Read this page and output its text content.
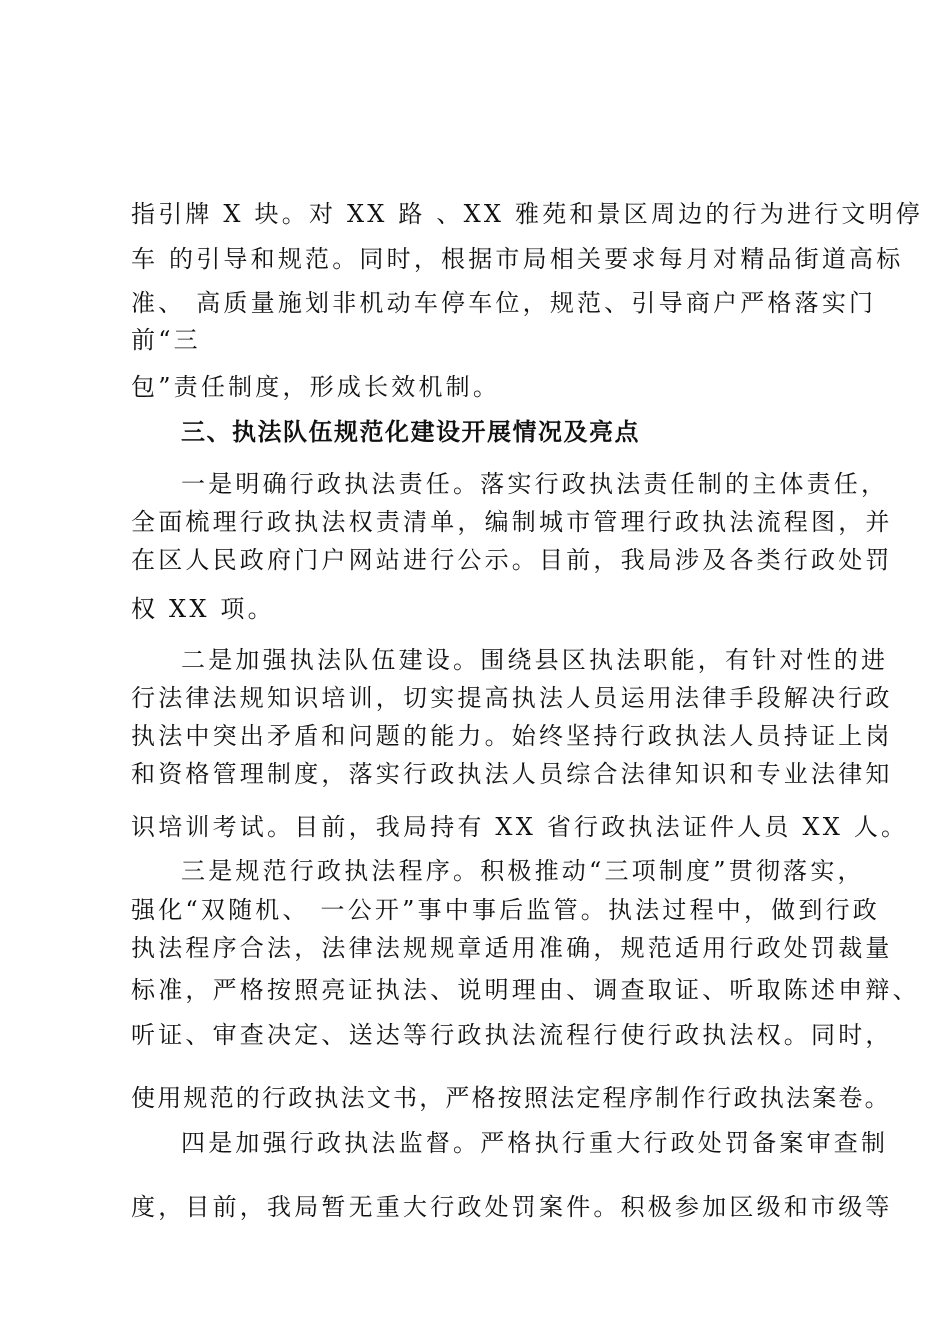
指引牌 X 块。对 XX 路 、XX 雅苑和景区周边的行为进行文明停
车 的引导和规范。同时，根据市局相关要求每月对精品街道高标
准、 高质量施划非机动车停车位，规范、引导商户严格落实门
前“三
包”责任制度，形成长效机制。
三、执法队伍规范化建设开展情况及亮点
一是明确行政执法责任。落实行政执法责任制的主体责任，
全面梳理行政执法权责清单，编制城市管理行政执法流程图，并
在区人民政府门户网站进行公示。目前，我局涉及各类行政处罚
权 XX 项。
二是加强执法队伍建设。围绕县区执法职能，有针对性的进
行法律法规知识培训，切实提高执法人员运用法律手段解决行政
执法中突出矛盾和问题的能力。始终坚持行政执法人员持证上岗
和资格管理制度，落实行政执法人员综合法律知识和专业法律知
识培训考试。目前，我局持有 XX 省行政执法证件人员 XX 人。
三是规范行政执法程序。积极推动“三项制度”贯彻落实，
强化“双随机、 一公开”事中事后监管。执法过程中，做到行政
执法程序合法，法律法规规章适用准确，规范适用行政处罚裁量
标准，严格按照亮证执法、说明理由、调查取证、听取陈述申辩、
听证、审查决定、送达等行政执法流程行使行政执法权。同时，
使用规范的行政执法文书，严格按照法定程序制作行政执法案卷。
四是加强行政执法监督。严格执行重大行政处罚备案审查制
度，目前，我局暂无重大行政处罚案件。积极参加区级和市级等
